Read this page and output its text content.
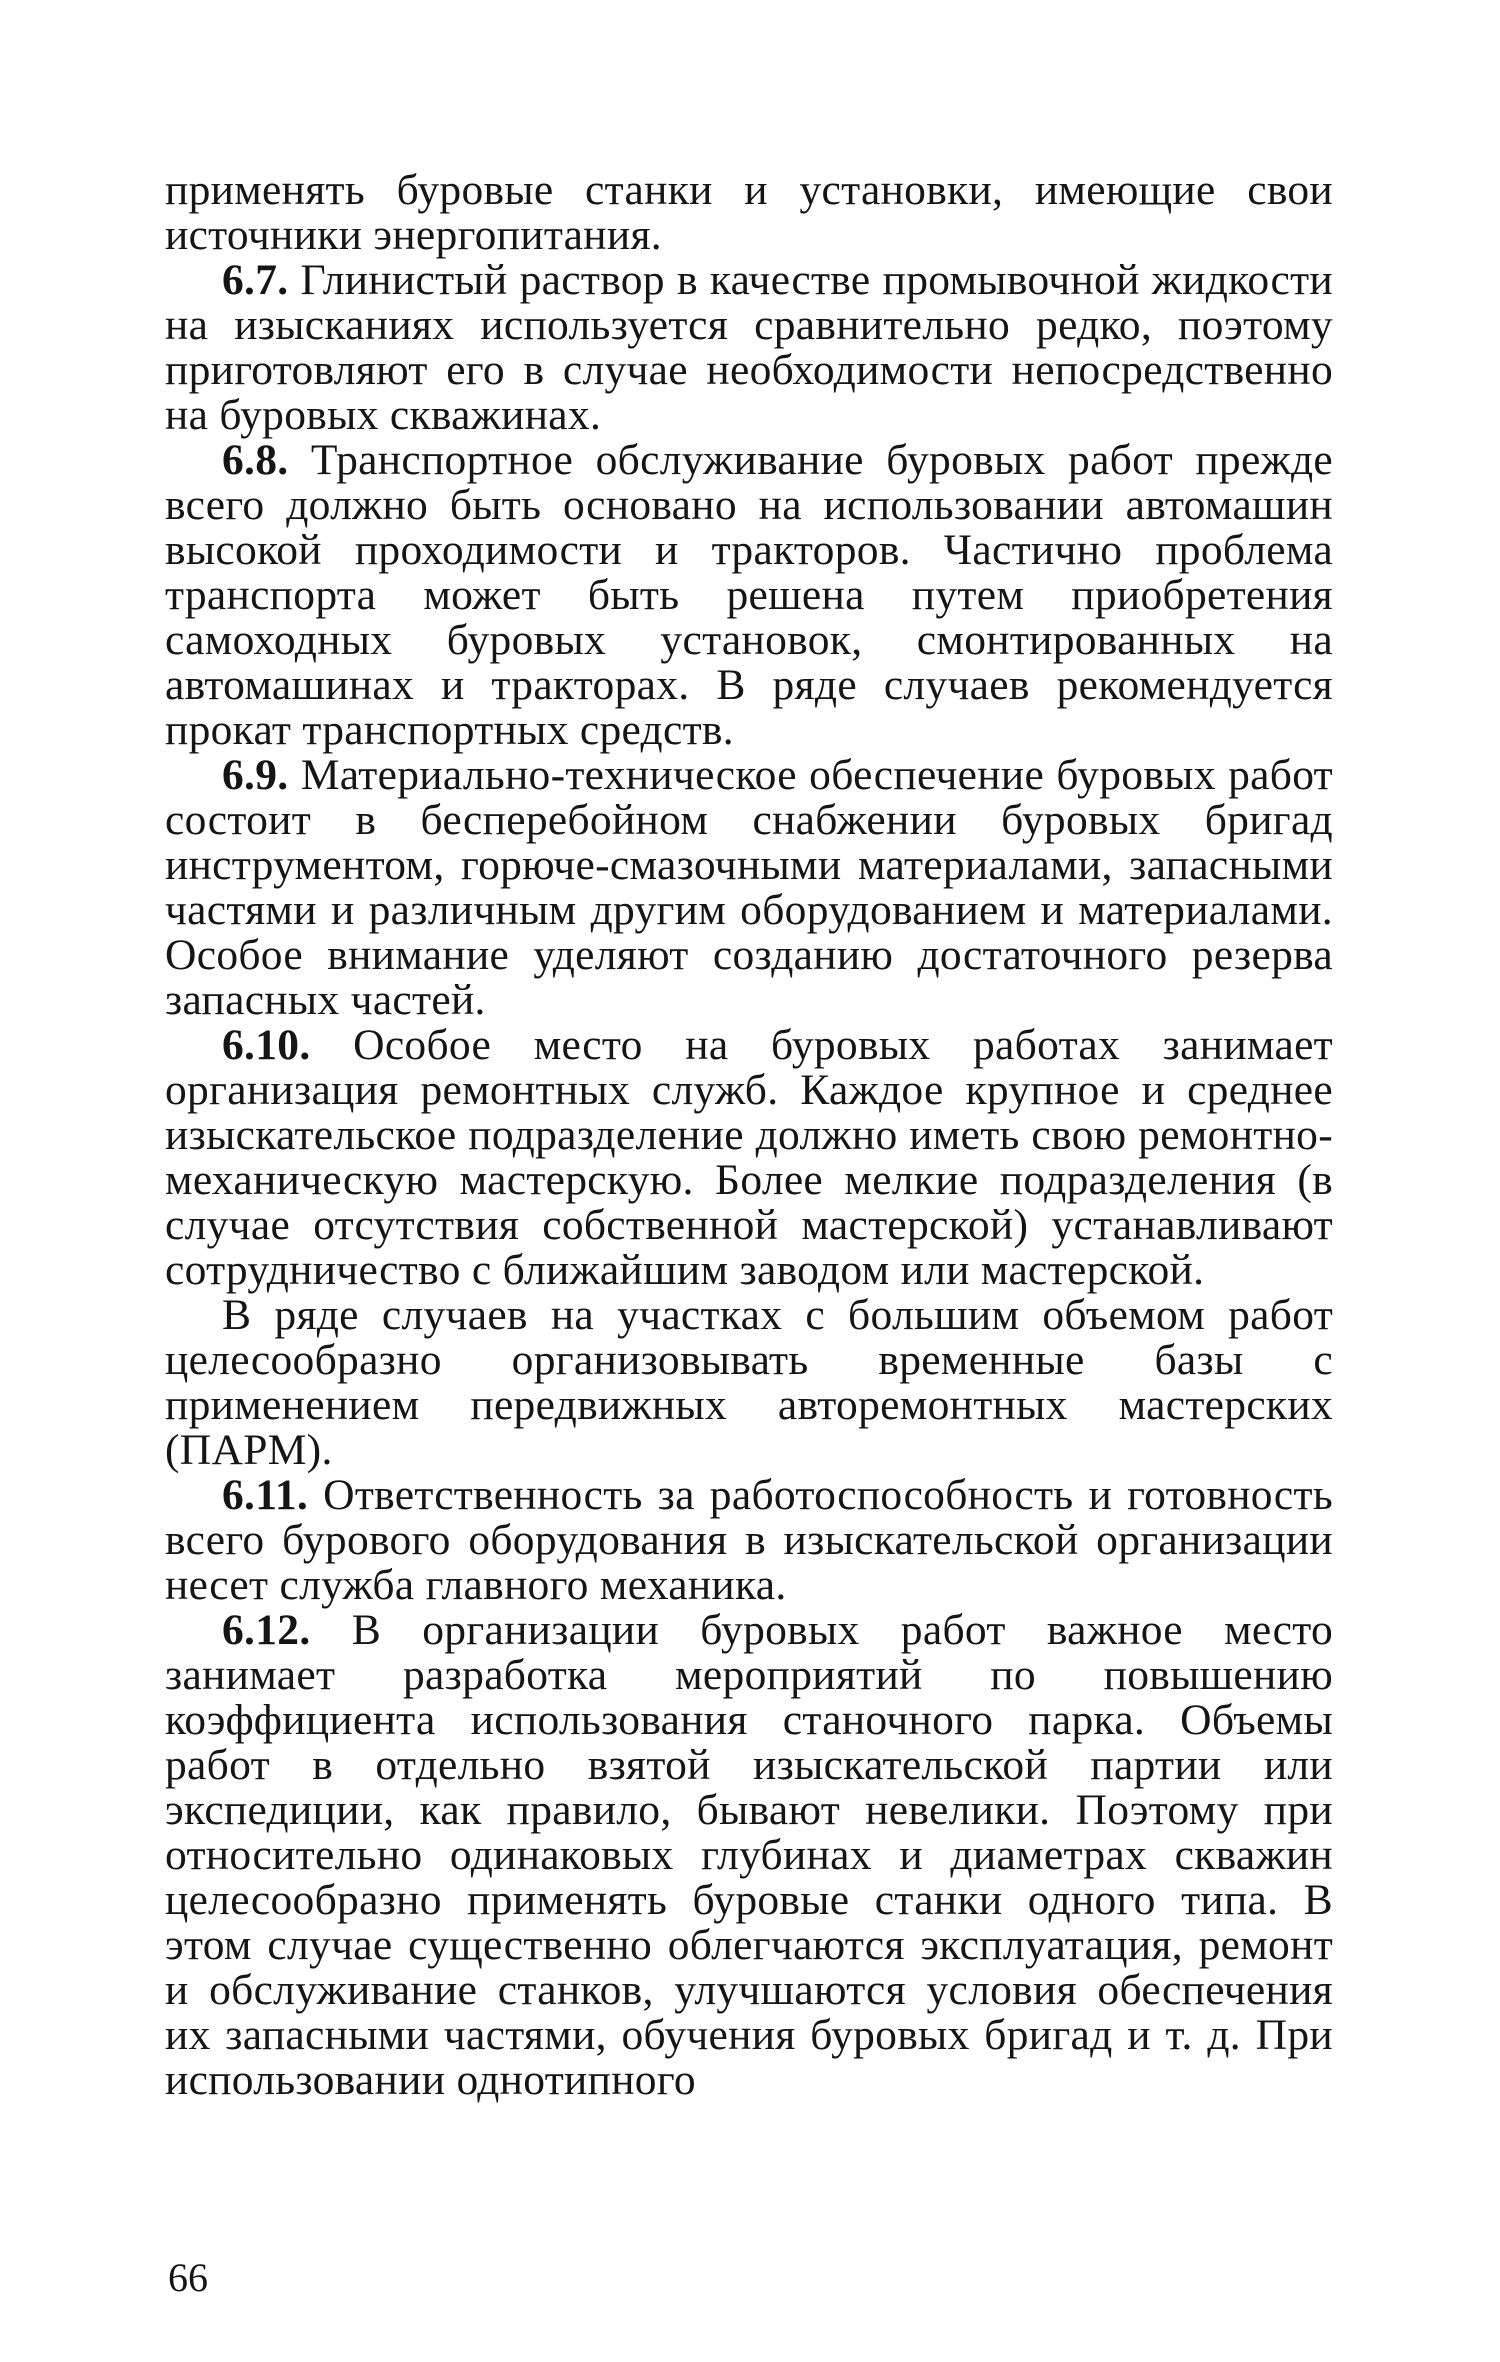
применять буровые станки и установки, имеющие свои источники энергопитания.

6.7. Глинистый раствор в качестве промывочной жидкости на изысканиях используется сравнительно редко, поэтому приготовляют его в случае необходимости непосредственно на буровых скважинах.

6.8. Транспортное обслуживание буровых работ прежде всего должно быть основано на использовании автомашин высокой проходимости и тракторов. Частично проблема транспорта может быть решена путем приобретения самоходных буровых установок, смонтированных на автомашинах и тракторах. В ряде случаев рекомендуется прокат транспортных средств.

6.9. Материально-техническое обеспечение буровых работ состоит в бесперебойном снабжении буровых бригад инструментом, горюче-смазочными материалами, запасными частями и различным другим оборудованием и материалами. Особое внимание уделяют созданию достаточного резерва запасных частей.

6.10. Особое место на буровых работах занимает организация ремонтных служб. Каждое крупное и среднее изыскательское подразделение должно иметь свою ремонтно-механическую мастерскую. Более мелкие подразделения (в случае отсутствия собственной мастерской) устанавливают сотрудничество с ближайшим заводом или мастерской.

В ряде случаев на участках с большим объемом работ целесообразно организовывать временные базы с применением передвижных авторемонтных мастерских (ПАРМ).

6.11. Ответственность за работоспособность и готовность всего бурового оборудования в изыскательской организации несет служба главного механика.

6.12. В организации буровых работ важное место занимает разработка мероприятий по повышению коэффициента использования станочного парка. Объемы работ в отдельно взятой изыскательской партии или экспедиции, как правило, бывают невелики. Поэтому при относительно одинаковых глубинах и диаметрах скважин целесообразно применять буровые станки одного типа. В этом случае существенно облегчаются эксплуатация, ремонт и обслуживание станков, улучшаются условия обеспечения их запасными частями, обучения буровых бригад и т. д. При использовании однотипного

66
